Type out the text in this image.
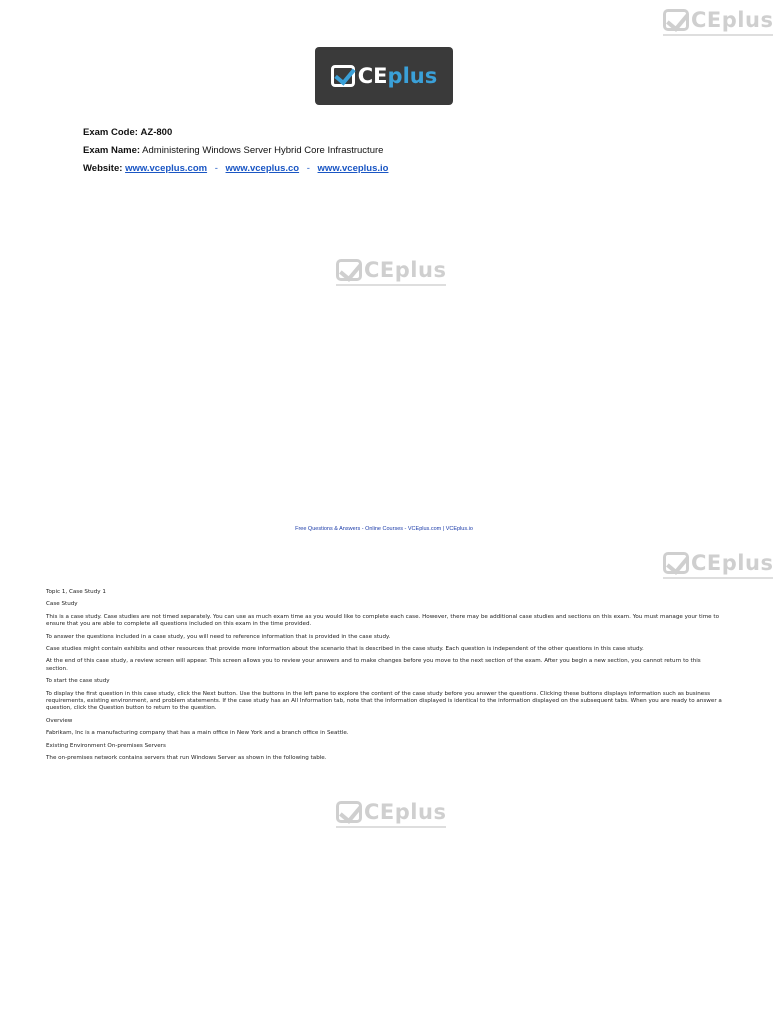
CEplus
CEplus
Exam Code: AZ-800
Exam Name: Administering Windows Server Hybrid Core Infrastructure
Website: www.vceplus.com - www.vceplus.co - www.vceplus.io
CEplus
Free Questions & Answers - Online Courses - VCEplus.com | VCEplus.io
CEplus

Topic 1, Case Study 1

Case Study

This is a case study. Case studies are not timed separately. You can use as much exam time as you would like to complete each case. However, there may be additional case studies and sections on this exam. You must manage your time to ensure that you are able to complete all questions included on this exam in the time provided.

To answer the questions included in a case study, you will need to reference information that is provided in the case study.

Case studies might contain exhibits and other resources that provide more information about the scenario that is described in the case study. Each question is independent of the other questions in this case study.

At the end of this case study, a review screen will appear. This screen allows you to review your answers and to make changes before you move to the next section of the exam. After you begin a new section, you cannot return to this section.

To start the case study

To display the first question in this case study, click the Next button. Use the buttons in the left pane to explore the content of the case study before you answer the questions. Clicking these buttons displays information such as business requirements, existing environment, and problem statements. If the case study has an All Information tab, note that the information displayed is identical to the information displayed on the subsequent tabs. When you are ready to answer a question, click the Question button to return to the question.

Overview

Fabrikam, Inc is a manufacturing company that has a main office in New York and a branch office in Seattle.

Existing Environment On-premises Servers

The on-premises network contains servers that run Windows Server as shown in the following table.

CEplus
